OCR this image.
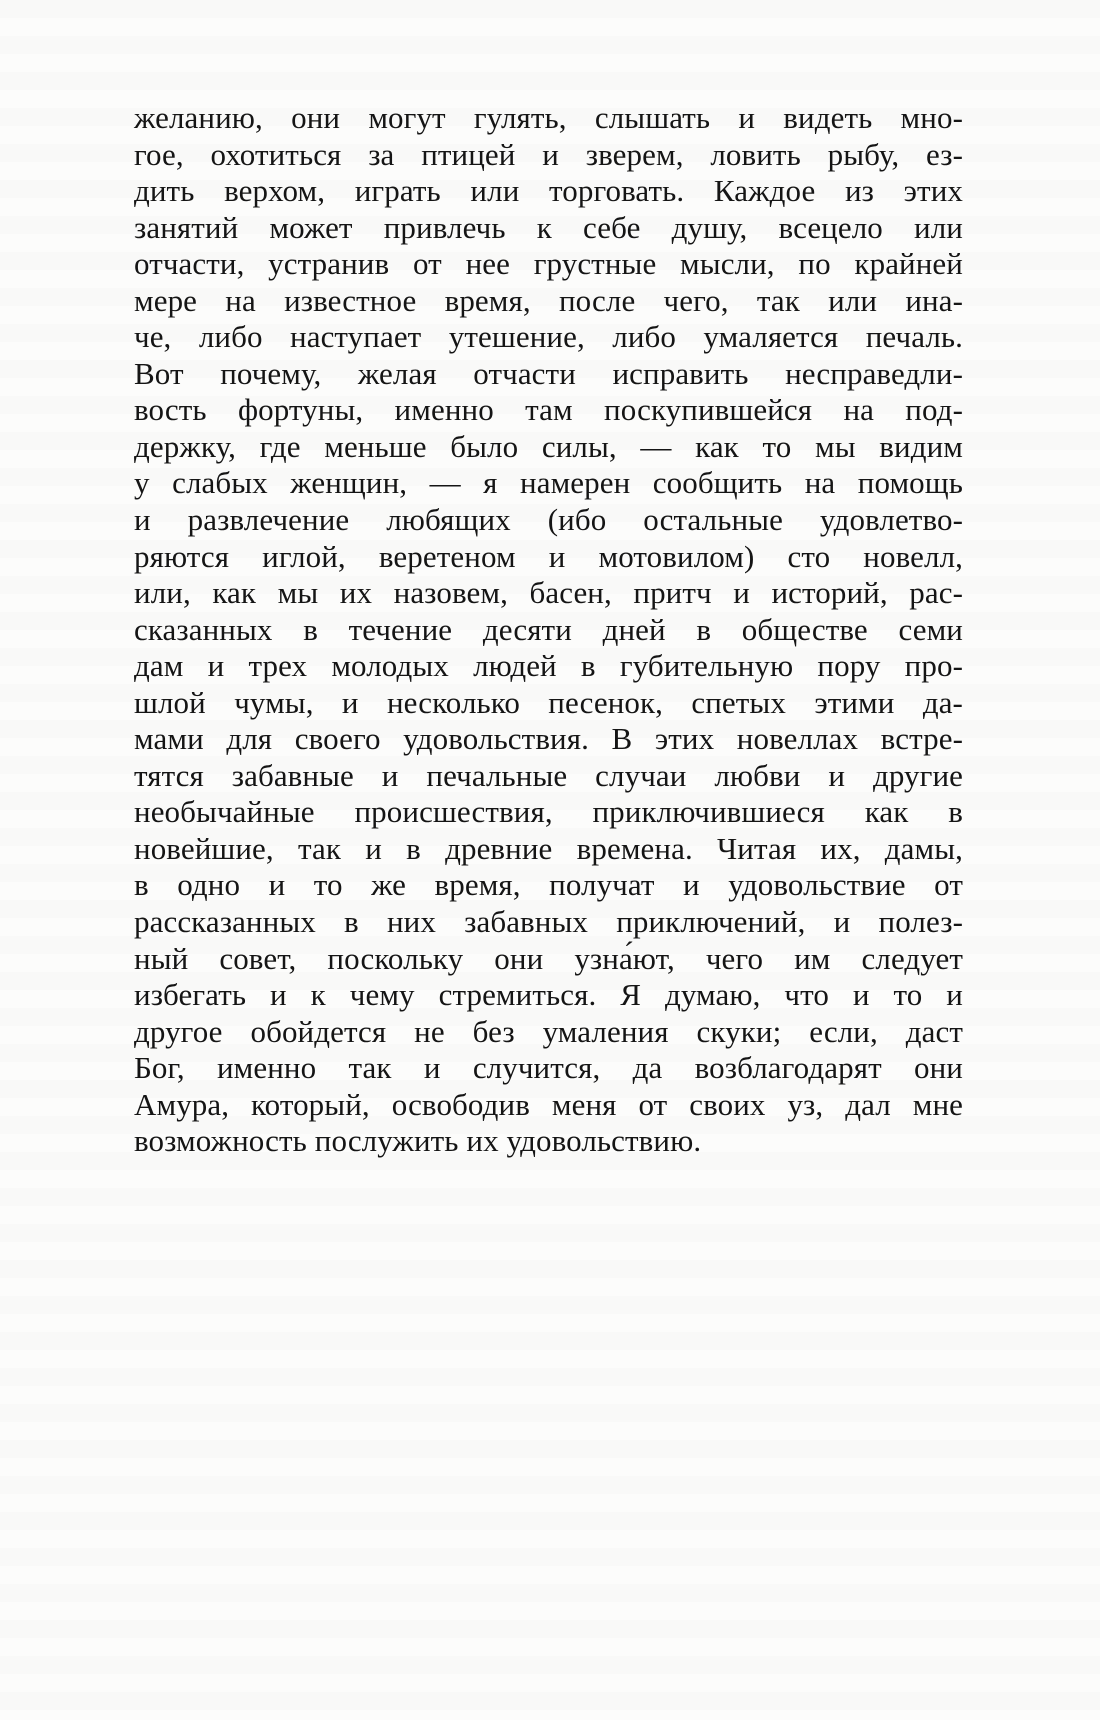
желанию, они могут гулять, слышать и видеть мно-
гое, охотиться за птицей и зверем, ловить рыбу, ез-
дить верхом, играть или торговать. Каждое из этих
занятий может привлечь к себе душу, всецело или
отчасти, устранив от нее грустные мысли, по крайней
мере на известное время, после чего, так или ина-
че, либо наступает утешение, либо умаляется печаль.
Вот почему, желая отчасти исправить несправедли-
вость фортуны, именно там поскупившейся на под-
держку, где меньше было силы, — как то мы видим
у слабых женщин, — я намерен сообщить на помощь
и развлечение любящих (ибо остальные удовлетво-
ряются иглой, веретеном и мотовилом) сто новелл,
или, как мы их назовем, басен, притч и историй, рас-
сказанных в течение десяти дней в обществе семи
дам и трех молодых людей в губительную пору про-
шлой чумы, и несколько песенок, спетых этими да-
мами для своего удовольствия. В этих новеллах встре-
тятся забавные и печальные случаи любви и другие
необычайные происшествия, приключившиеся как в
новейшие, так и в древние времена. Читая их, дамы,
в одно и то же время, получат и удовольствие от
рассказанных в них забавных приключений, и полез-
ный совет, поскольку они узна́ют, чего им следует
избегать и к чему стремиться. Я думаю, что и то и
другое обойдется не без умаления скуки; если, даст
Бог, именно так и случится, да возблагодарят они
Амура, который, освободив меня от своих уз, дал мне
возможность послужить их удовольствию.
